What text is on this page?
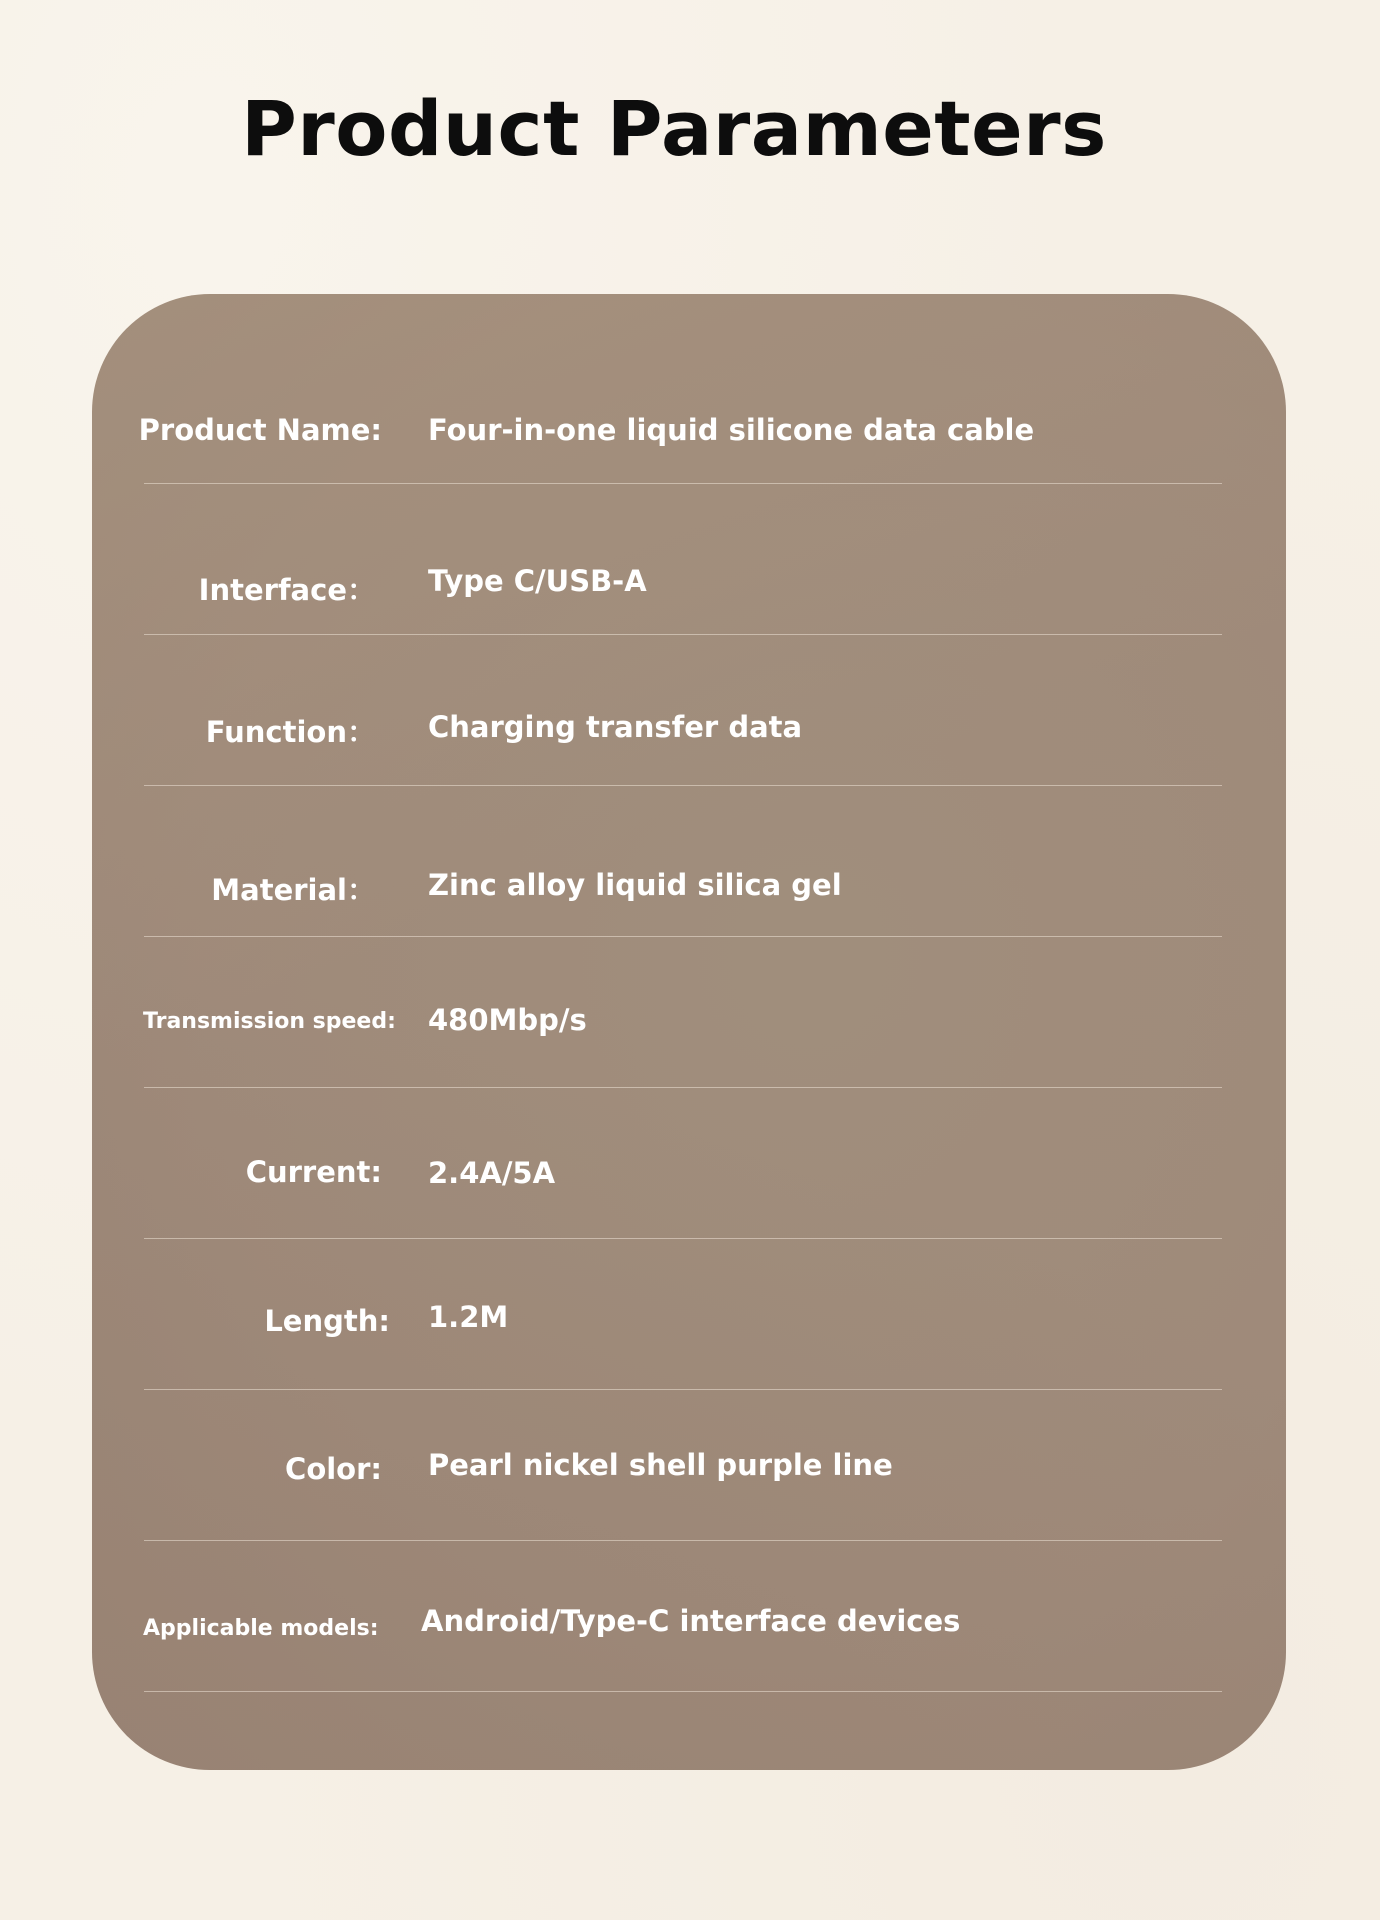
Product Parameters
Product Name: Four-in-one liquid silicone data cable
Interface： Type C/USB-A
Function： Charging transfer data
Material： Zinc alloy liquid silica gel
Transmission speed: 480Mbp/s
Current: 2.4A/5A
Length: 1.2M
Color: Pearl nickel shell purple line
Applicable models: Android/Type-C interface devices
